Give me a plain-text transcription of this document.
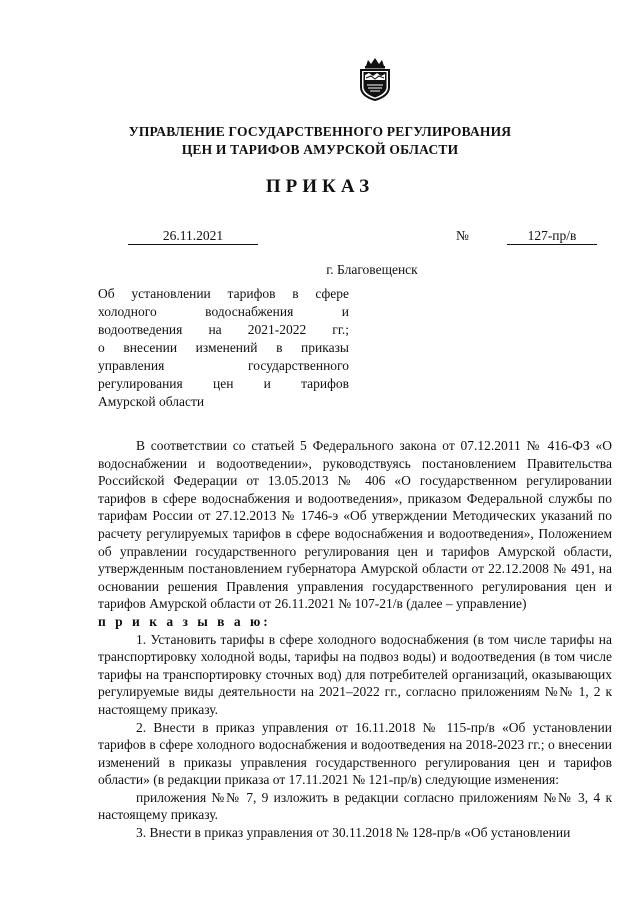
УПРАВЛЕНИЕ ГОСУДАРСТВЕННОГО РЕГУЛИРОВАНИЯ
ЦЕН И ТАРИФОВ АМУРСКОЙ ОБЛАСТИ
ПРИКАЗ
26.11.2021	№	127-пр/в
г. Благовещенск
Об установлении тарифов в сфере
холодного водоснабжения и
водоотведения на 2021-2022 гг.;
о внесении изменений в приказы
управления государственного
регулирования цен и тарифов
Амурской области

В соответствии со статьей 5 Федерального закона от 07.12.2011 № 416-ФЗ «О водоснабжении и водоотведении», руководствуясь постановлением Правительства Российской Федерации от 13.05.2013 № 406 «О государственном регулировании тарифов в сфере водоснабжения и водоотведения», приказом Федеральной службы по тарифам России от 27.12.2013 № 1746-э «Об утверждении Методических указаний по расчету регулируемых тарифов в сфере водоснабжения и водоотведения», Положением об управлении государственного регулирования цен и тарифов Амурской области, утвержденным постановлением губернатора Амурской области от 22.12.2008 № 491, на основании решения Правления управления государственного регулирования цен и тарифов Амурской области от 26.11.2021 № 107-21/в (далее – управление)

п р и к а з ы в а ю:

1. Установить тарифы в сфере холодного водоснабжения (в том числе тарифы на транспортировку холодной воды, тарифы на подвоз воды) и водоотведения (в том числе тарифы на транспортировку сточных вод) для потребителей организаций, оказывающих регулируемые виды деятельности на 2021–2022 гг., согласно приложениям №№ 1, 2 к настоящему приказу.

2. Внести в приказ управления от 16.11.2018 № 115-пр/в «Об установлении тарифов в сфере холодного водоснабжения и водоотведения на 2018-2023 гг.; о внесении изменений в приказы управления государственного регулирования цен и тарифов области» (в редакции приказа от 17.11.2021 № 121-пр/в) следующие изменения:

приложения №№ 7, 9 изложить в редакции согласно приложениям №№ 3, 4 к настоящему приказу.

3. Внести в приказ управления от 30.11.2018 № 128-пр/в «Об установлении
